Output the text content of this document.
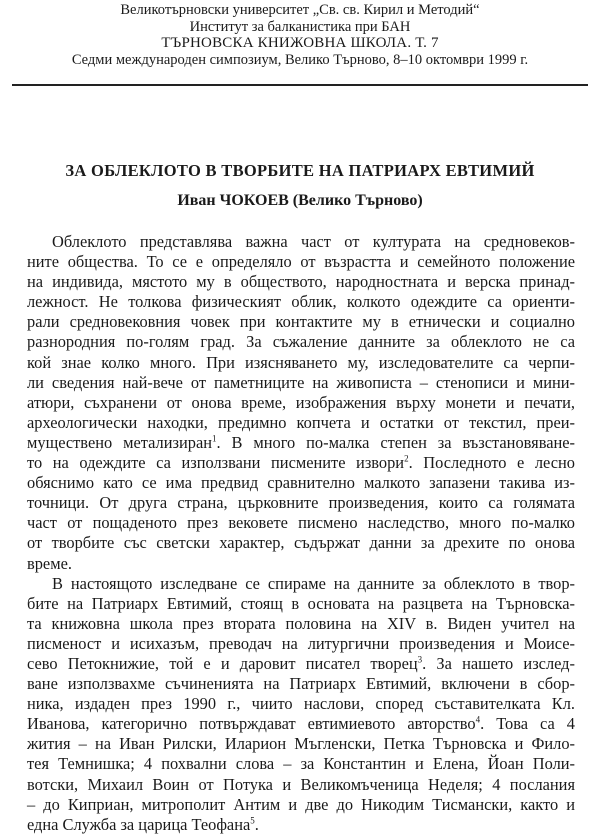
Великотърновски университет „Св. св. Кирил и Методий“
Институт за балканистика при БАН
ТЪРНОВСКА КНИЖОВНА ШКОЛА. Т. 7
Седми международен симпозиум, Велико Търново, 8–10 октомври 1999 г.
ЗА ОБЛЕКЛОТО В ТВОРБИТЕ НА ПАТРИАРХ ЕВТИМИЙ
Иван ЧОКОЕВ (Велико Търново)
Облеклото представлява важна част от културата на средновеков-
ните общества. То се е определяло от възрастта и семейното положение
на индивида, мястото му в обществото, народностната и верска принад-
лежност. Не толкова физическият облик, колкото одеждите са ориенти-
рали средновековния човек при контактите му в етнически и социално
разнородния по-голям град. За съжаление данните за облеклото не са
кой знае колко много. При изясняването му, изследователите са черпи-
ли сведения най-вече от паметниците на живописта – стенописи и мини-
атюри, съхранени от онова време, изображения върху монети и печати,
археологически находки, предимно копчета и остатки от текстил, преи-
муществено метализиран$^1$. В много по-малка степен за възстановяване-
то на одеждите са използвани писмените извори$^2$. Последното е лесно
обяснимо като се има предвид сравнително малкото запазени такива из-
точници. От друга страна, църковните произведения, които са голямата
част от пощаденото през вековете писмено наследство, много по-малко
от творбите със светски характер, съдържат данни за дрехите по онова
време.
В настоящото изследване се спираме на данните за облеклото в твор-
бите на Патриарх Евтимий, стоящ в основата на разцвета на Търновска-
та книжовна школа през втората половина на XIV в. Виден учител на
писменост и исихазъм, преводач на литургични произведения и Моисе-
сево Петокнижие, той е и даровит писател творец$^3$. За нашето изслед-
ване използвахме съчиненията на Патриарх Евтимий, включени в сбор-
ника, издаден през 1990 г., чиито наслови, според съставителката Кл.
Иванова, категорично потвърждават евтимиевото авторство$^4$. Това са 4
жития – на Иван Рилски, Иларион Мъгленски, Петка Търновска и Фило-
тея Темнишка; 4 похвални слова – за Константин и Елена, Йоан Поли-
вотски, Михаил Воин от Потука и Великомъченица Неделя; 4 послания
– до Киприан, митрополит Антим и две до Никодим Тисмански, както и
една Служба за царица Теофана$^5$.
